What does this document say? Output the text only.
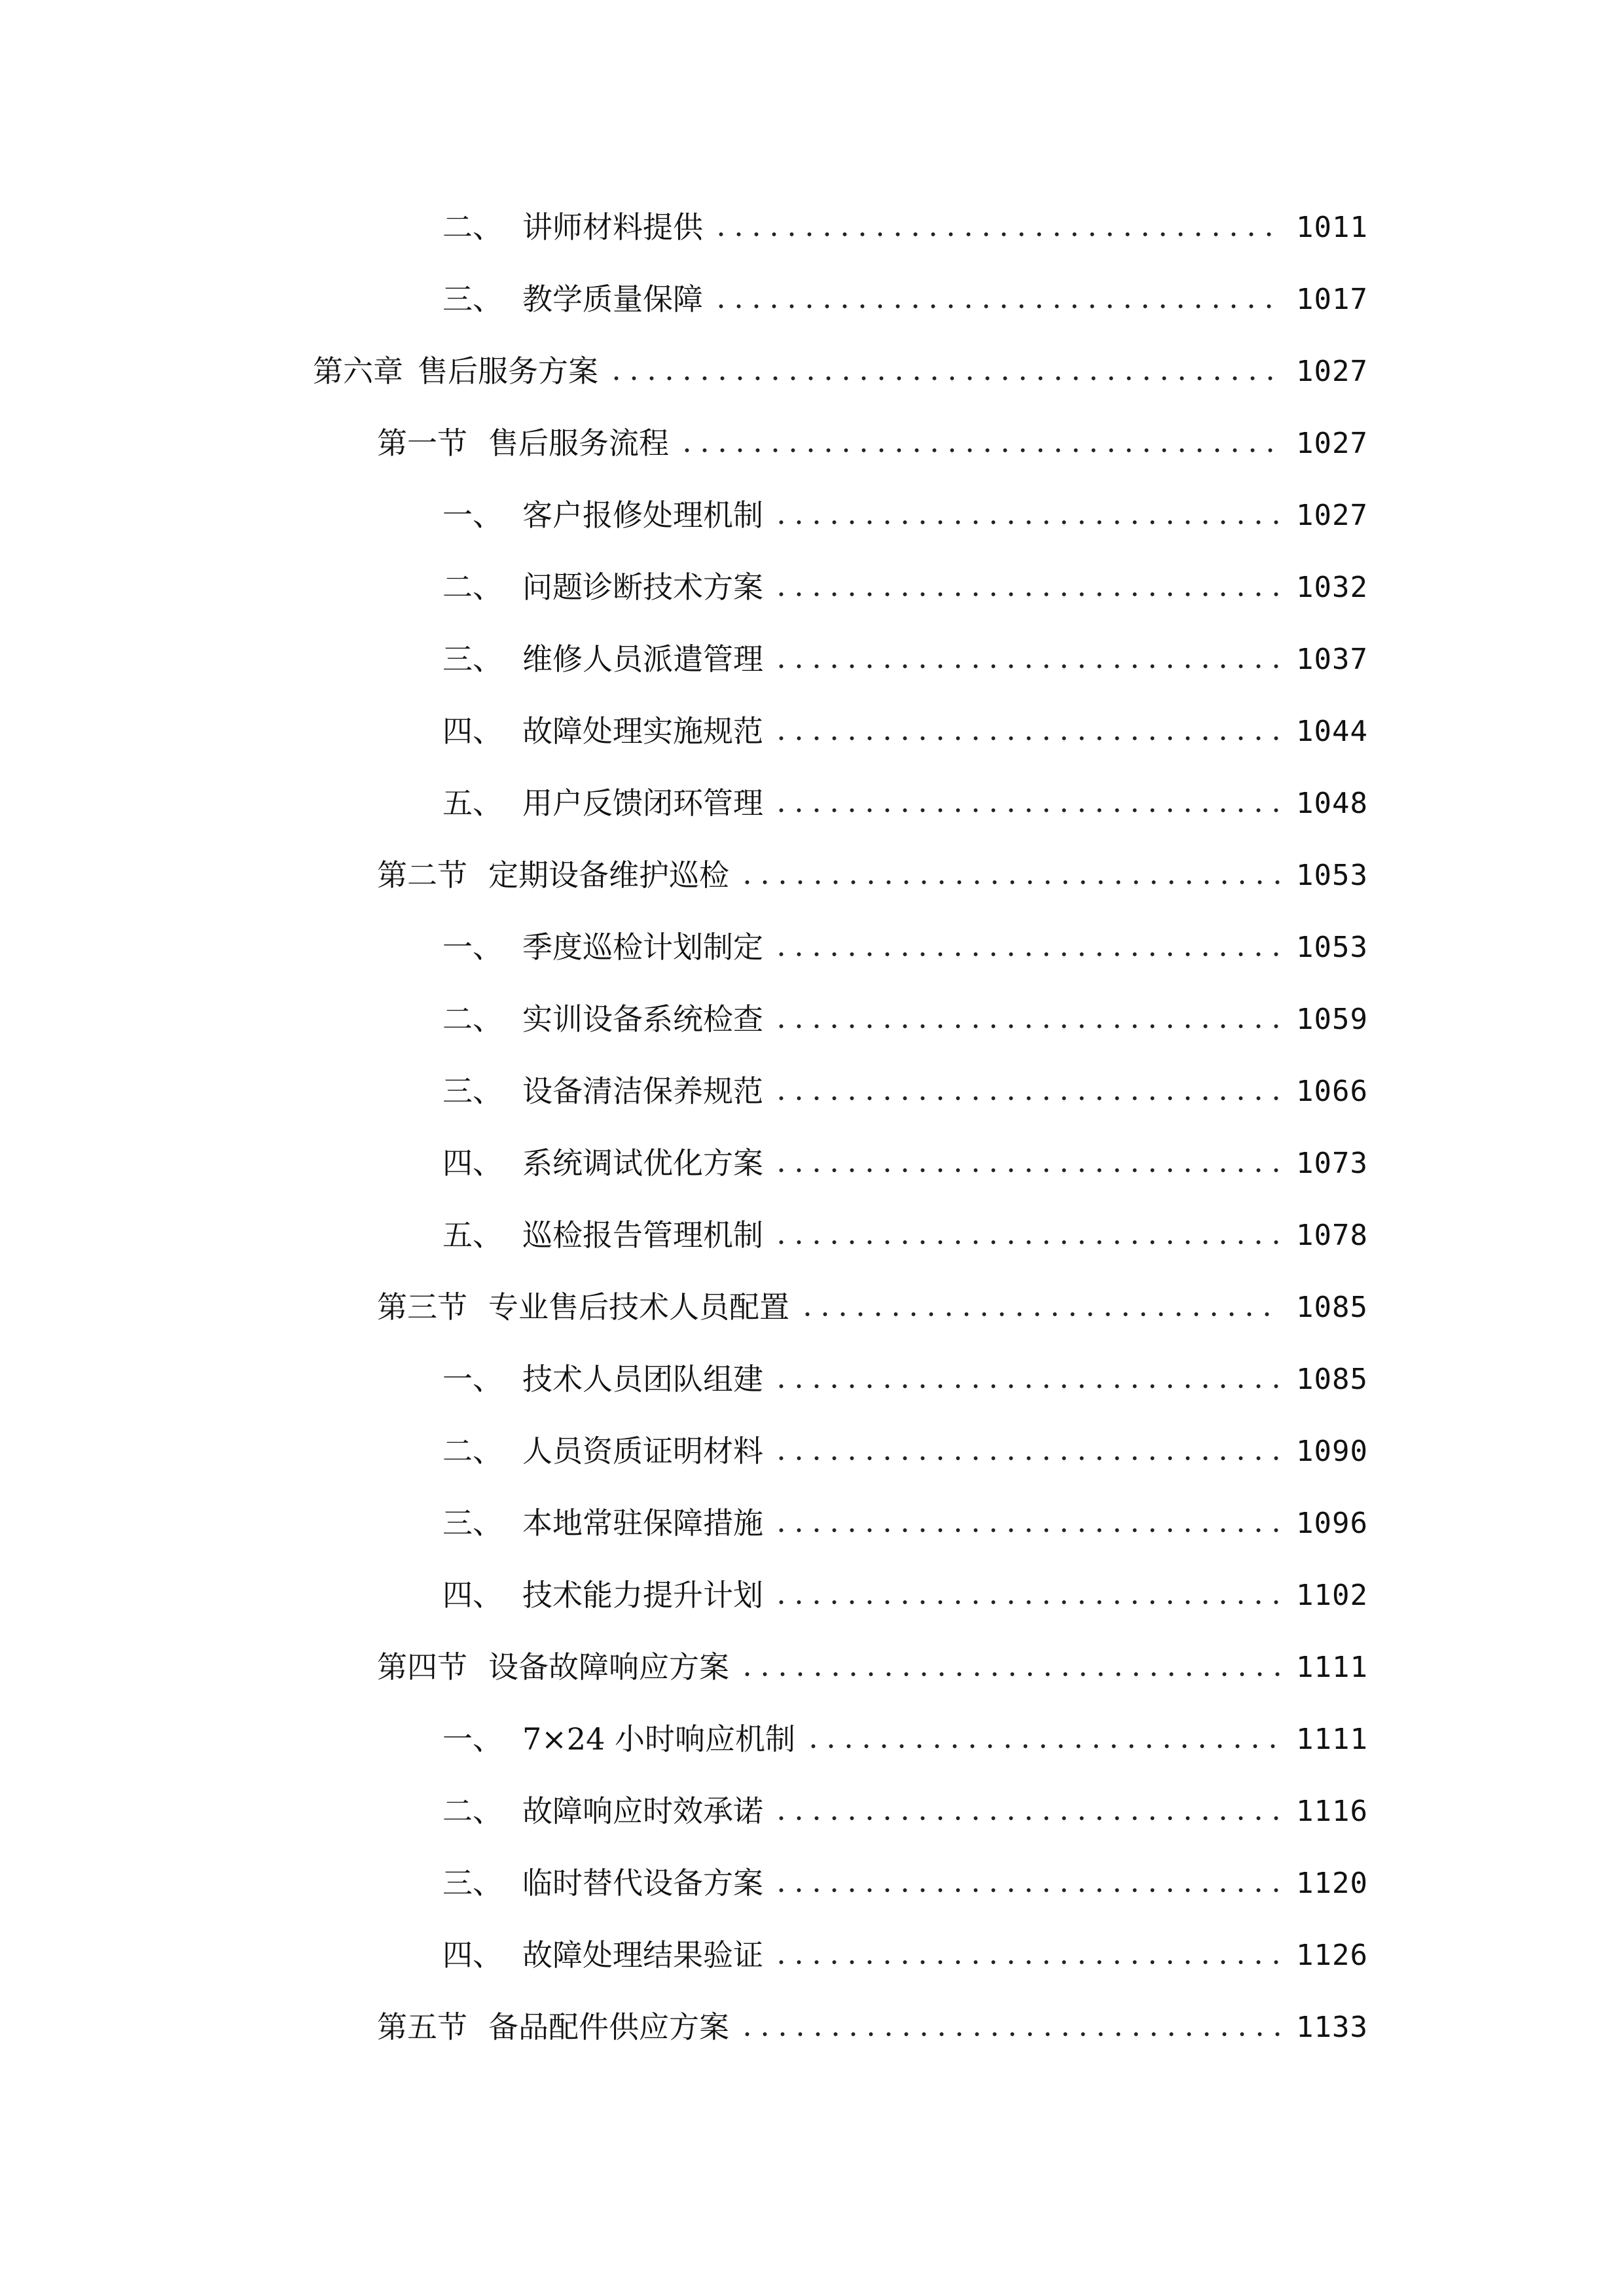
二、 讲师材料提供	1011
三、 教学质量保障	1017
第六章 售后服务方案	1027
第一节 售后服务流程	1027
一、 客户报修处理机制	1027
二、 问题诊断技术方案	1032
三、 维修人员派遣管理	1037
四、 故障处理实施规范	1044
五、 用户反馈闭环管理	1048
第二节 定期设备维护巡检	1053
一、 季度巡检计划制定	1053
二、 实训设备系统检查	1059
三、 设备清洁保养规范	1066
四、 系统调试优化方案	1073
五、 巡检报告管理机制	1078
第三节 专业售后技术人员配置	1085
一、 技术人员团队组建	1085
二、 人员资质证明材料	1090
三、 本地常驻保障措施	1096
四、 技术能力提升计划	1102
第四节 设备故障响应方案	1111
一、 7×24 小时响应机制	1111
二、 故障响应时效承诺	1116
三、 临时替代设备方案	1120
四、 故障处理结果验证	1126
第五节 备品配件供应方案	1133
